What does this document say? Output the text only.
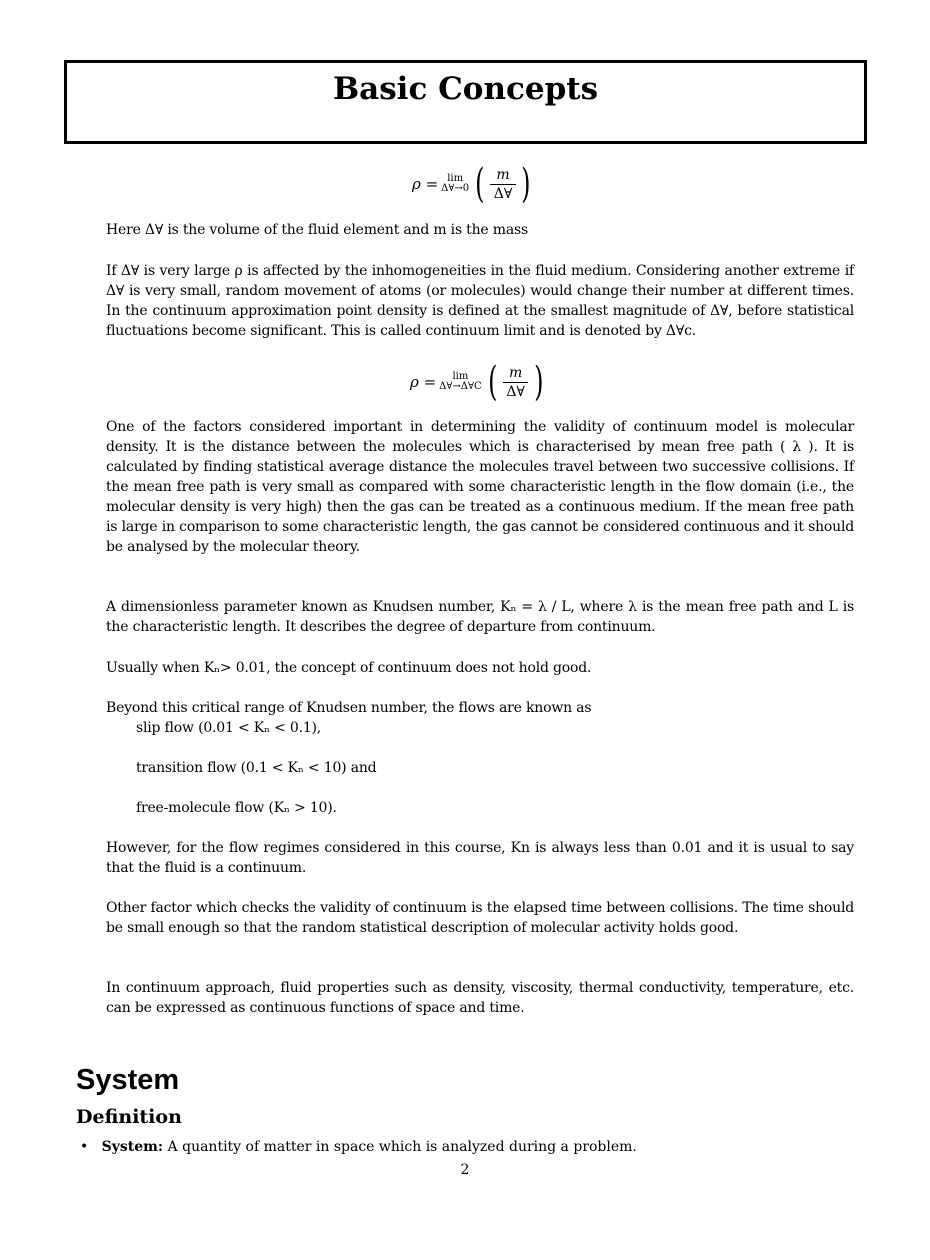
Basic Concepts
ρ = lim
Δ∀→0 ( $\frac{m}{\Delta\forall}$ )
Here Δ∀ is the volume of the fluid element and m is the mass
If Δ∀ is very large ρ is affected by the inhomogeneities in the fluid medium. Considering another extreme if Δ∀ is very small, random movement of atoms (or molecules) would change their number at different times. In the continuum approximation point density is defined at the smallest magnitude of Δ∀, before statistical fluctuations become significant. This is called continuum limit and is denoted by Δ∀c.
ρ = lim
Δ∀→Δ∀C ( $\frac{m}{\Delta\forall}$ )
One of the factors considered important in determining the validity of continuum model is molecular density. It is the distance between the molecules which is characterised by mean free path ( λ ). It is calculated by finding statistical average distance the molecules travel between two successive collisions. If the mean free path is very small as compared with some characteristic length in the flow domain (i.e., the molecular density is very high) then the gas can be treated as a continuous medium. If the mean free path is large in comparison to some characteristic length, the gas cannot be considered continuous and it should be analysed by the molecular theory.
A dimensionless parameter known as Knudsen number, Kₙ = λ / L, where λ is the mean free path and L is the characteristic length. It describes the degree of departure from continuum.
Usually when Kₙ> 0.01, the concept of continuum does not hold good.
Beyond this critical range of Knudsen number, the flows are known as
slip flow (0.01 < Kₙ < 0.1),
transition flow (0.1 < Kₙ < 10) and
free-molecule flow (Kₙ > 10).
However, for the flow regimes considered in this course, Kn is always less than 0.01 and it is usual to say that the fluid is a continuum.
Other factor which checks the validity of continuum is the elapsed time between collisions. The time should be small enough so that the random statistical description of molecular activity holds good.
In continuum approach, fluid properties such as density, viscosity, thermal conductivity, temperature, etc. can be expressed as continuous functions of space and time.
System
Definition
•   System: A quantity of matter in space which is analyzed during a problem.
2
